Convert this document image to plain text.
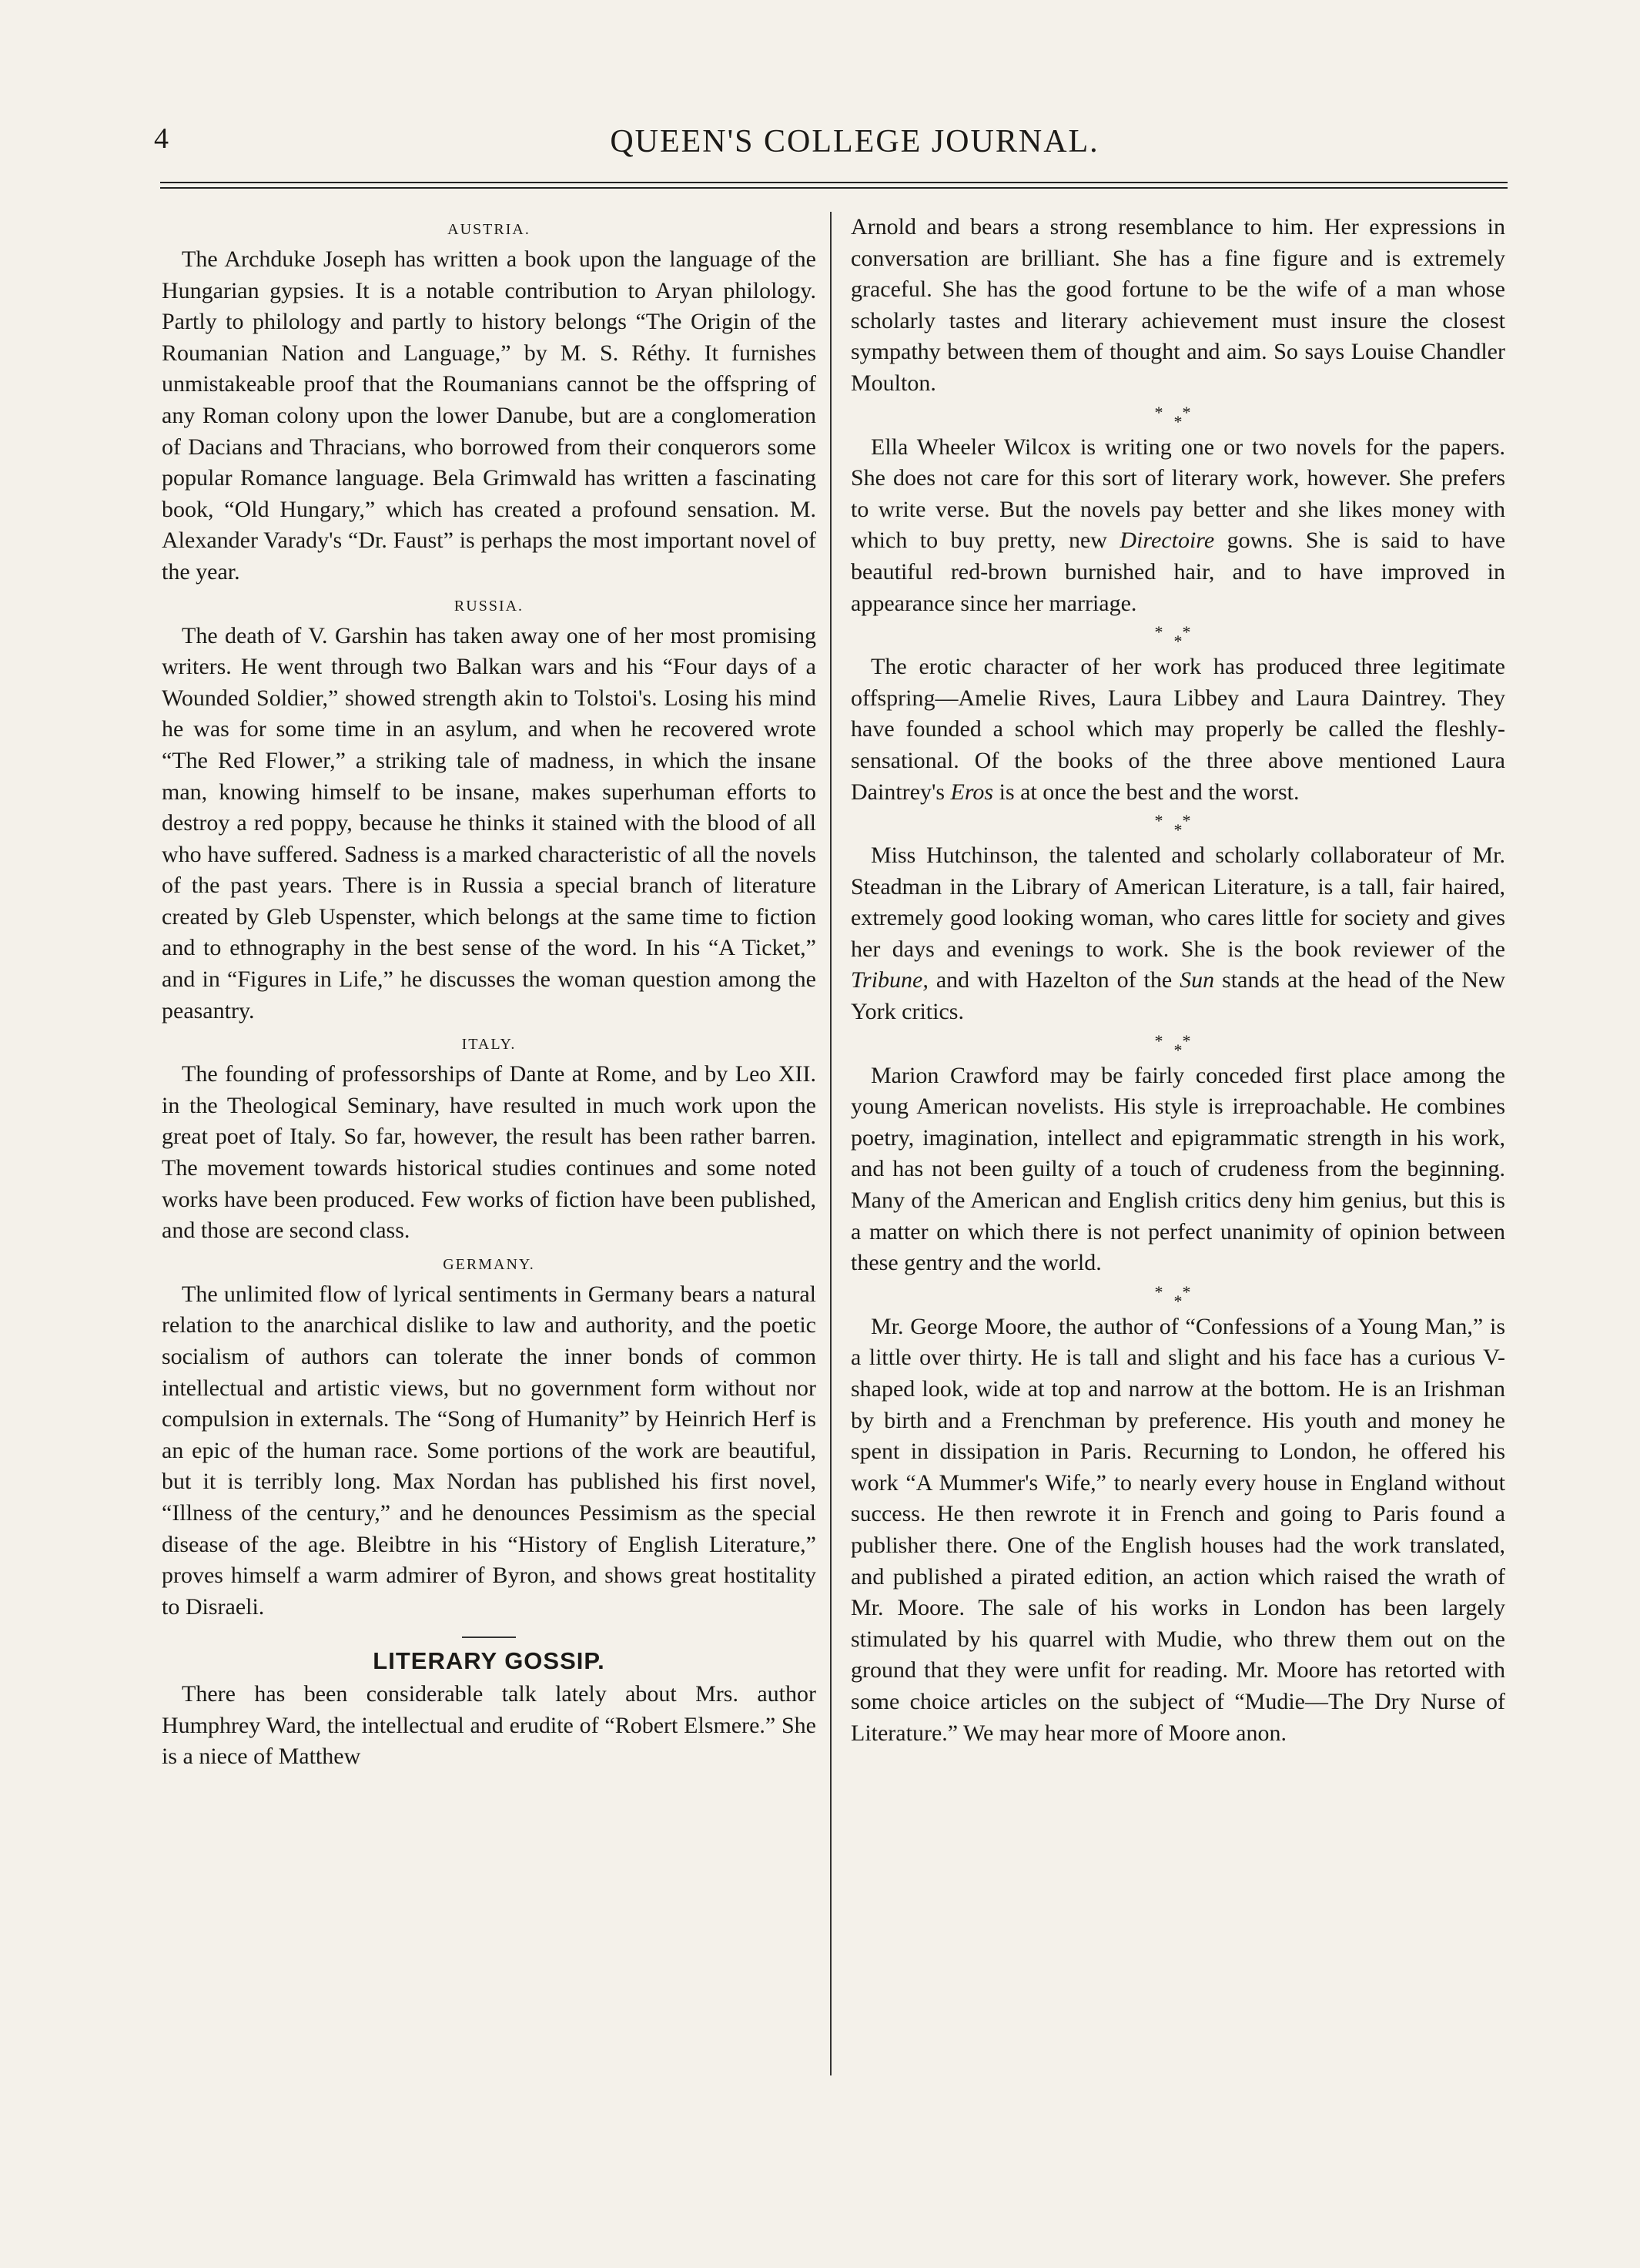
4	QUEEN'S COLLEGE JOURNAL.
AUSTRIA.

The Archduke Joseph has written a book upon the language of the Hungarian gypsies. It is a notable contribution to Aryan philology. Partly to philology and partly to history belongs “The Origin of the Roumanian Nation and Language,” by M. S. Réthy. It furnishes unmistakeable proof that the Roumanians cannot be the offspring of any Roman colony upon the lower Danube, but are a conglomeration of Dacians and Thracians, who borrowed from their conquerors some popular Romance language. Bela Grimwald has written a fascinating book, “Old Hungary,” which has created a profound sensation. M. Alexander Varady's “Dr. Faust” is perhaps the most important novel of the year.

RUSSIA.

The death of V. Garshin has taken away one of her most promising writers. He went through two Balkan wars and his “Four days of a Wounded Soldier,” showed strength akin to Tolstoi's. Losing his mind he was for some time in an asylum, and when he recovered wrote “The Red Flower,” a striking tale of madness, in which the insane man, knowing himself to be insane, makes superhuman efforts to destroy a red poppy, because he thinks it stained with the blood of all who have suffered. Sadness is a marked characteristic of all the novels of the past years. There is in Russia a special branch of literature created by Gleb Uspenster, which belongs at the same time to fiction and to ethnography in the best sense of the word. In his “A Ticket,” and in “Figures in Life,” he discusses the woman question among the peasantry.

ITALY.

The founding of professorships of Dante at Rome, and by Leo XII. in the Theological Seminary, have resulted in much work upon the great poet of Italy. So far, however, the result has been rather barren. The movement towards historical studies continues and some noted works have been produced. Few works of fiction have been published, and those are second class.

GERMANY.

The unlimited flow of lyrical sentiments in Germany bears a natural relation to the anarchical dislike to law and authority, and the poetic socialism of authors can tolerate the inner bonds of common intellectual and artistic views, but no government form without nor compulsion in externals. The “Song of Humanity” by Heinrich Herf is an epic of the human race. Some portions of the work are beautiful, but it is terribly long. Max Nordan has published his first novel, “Illness of the century,” and he denounces Pessimism as the special disease of the age. Bleibtre in his “History of English Literature,” proves himself a warm admirer of Byron, and shows great hostitality to Disraeli.

LITERARY GOSSIP.

There has been considerable talk lately about Mrs. author Humphrey Ward, the intellectual and erudite of “Robert Elsmere.” She is a niece of Matthew

Arnold and bears a strong resemblance to him. Her expressions in conversation are brilliant. She has a fine figure and is extremely graceful. She has the good fortune to be the wife of a man whose scholarly tastes and literary achievement must insure the closest sympathy between them of thought and aim. So says Louise Chandler Moulton.

***

Ella Wheeler Wilcox is writing one or two novels for the papers. She does not care for this sort of literary work, however. She prefers to write verse. But the novels pay better and she likes money with which to buy pretty, new Directoire gowns. She is said to have beautiful red-brown burnished hair, and to have improved in appearance since her marriage.

***

The erotic character of her work has produced three legitimate offspring—Amelie Rives, Laura Libbey and Laura Daintrey. They have founded a school which may properly be called the fleshly-sensational. Of the books of the three above mentioned Laura Daintrey's Eros is at once the best and the worst.

***

Miss Hutchinson, the talented and scholarly collaborateur of Mr. Steadman in the Library of American Literature, is a tall, fair haired, extremely good looking woman, who cares little for society and gives her days and evenings to work. She is the book reviewer of the Tribune, and with Hazelton of the Sun stands at the head of the New York critics.

***

Marion Crawford may be fairly conceded first place among the young American novelists. His style is irreproachable. He combines poetry, imagination, intellect and epigrammatic strength in his work, and has not been guilty of a touch of crudeness from the beginning. Many of the American and English critics deny him genius, but this is a matter on which there is not perfect unanimity of opinion between these gentry and the world.

***

Mr. George Moore, the author of “Confessions of a Young Man,” is a little over thirty. He is tall and slight and his face has a curious V-shaped look, wide at top and narrow at the bottom. He is an Irishman by birth and a Frenchman by preference. His youth and money he spent in dissipation in Paris. Recurning to London, he offered his work “A Mummer's Wife,” to nearly every house in England without success. He then rewrote it in French and going to Paris found a publisher there. One of the English houses had the work translated, and published a pirated edition, an action which raised the wrath of Mr. Moore. The sale of his works in London has been largely stimulated by his quarrel with Mudie, who threw them out on the ground that they were unfit for reading. Mr. Moore has retorted with some choice articles on the subject of “Mudie—The Dry Nurse of Literature.” We may hear more of Moore anon.
